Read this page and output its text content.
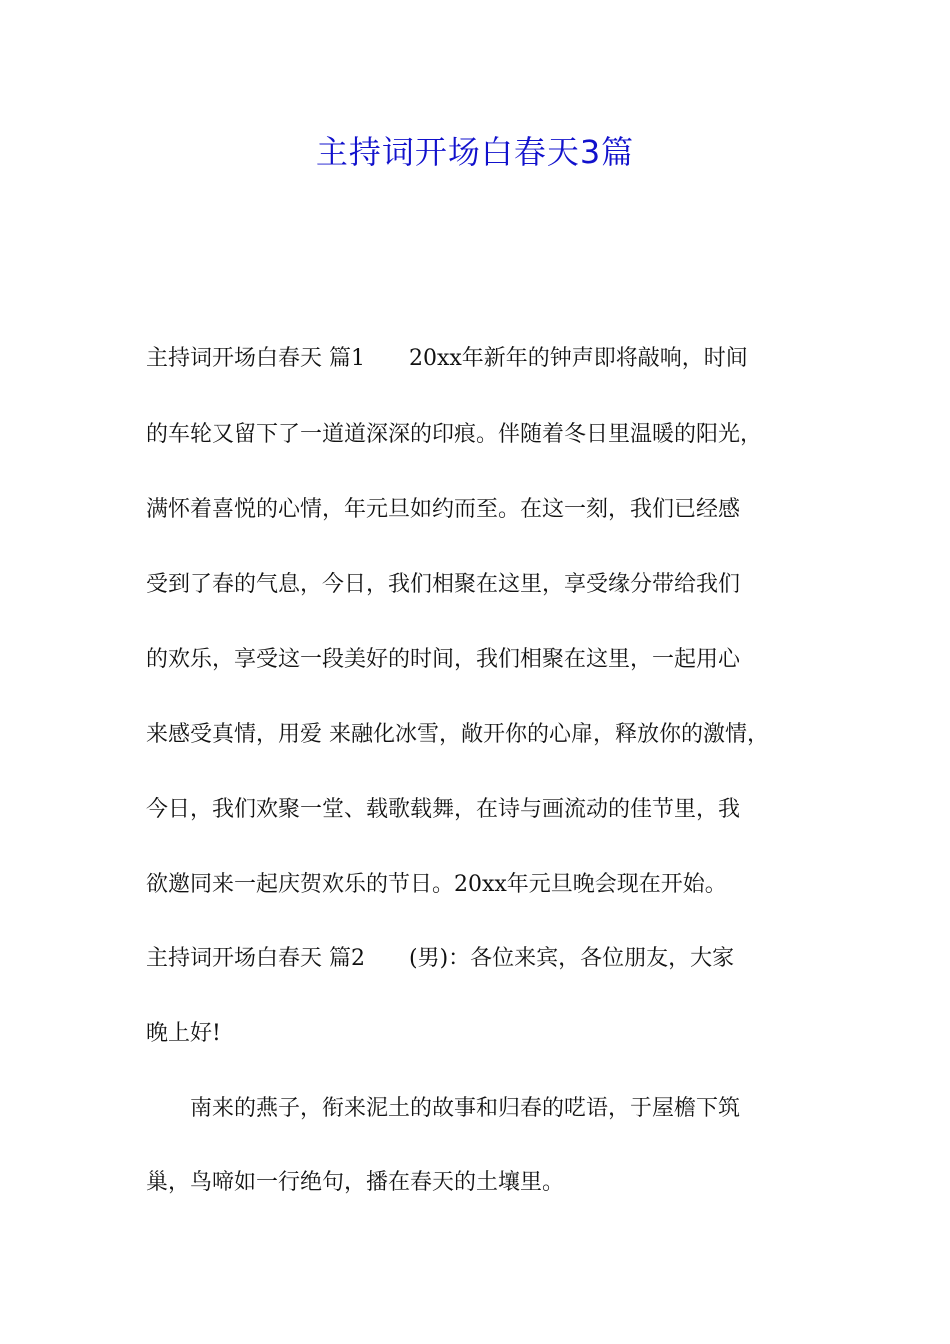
主持词开场白春天3篇
主持词开场白春天 篇1　　20xx年新年的钟声即将敲响，时间
的车轮又留下了一道道深深的印痕。伴随着冬日里温暖的阳光，
满怀着喜悦的心情，年元旦如约而至。在这一刻，我们已经感
受到了春的气息，今日，我们相聚在这里，享受缘分带给我们
的欢乐，享受这一段美好的时间，我们相聚在这里，一起用心
来感受真情，用爱 来融化冰雪，敞开你的心扉，释放你的激情，
今日，我们欢聚一堂、载歌载舞，在诗与画流动的佳节里，我
欲邀同来一起庆贺欢乐的节日。20xx年元旦晚会现在开始。
主持词开场白春天 篇2　　(男)：各位来宾，各位朋友，大家
晚上好!
　　南来的燕子，衔来泥土的故事和归春的呓语，于屋檐下筑
巢，鸟啼如一行绝句，播在春天的土壤里。
